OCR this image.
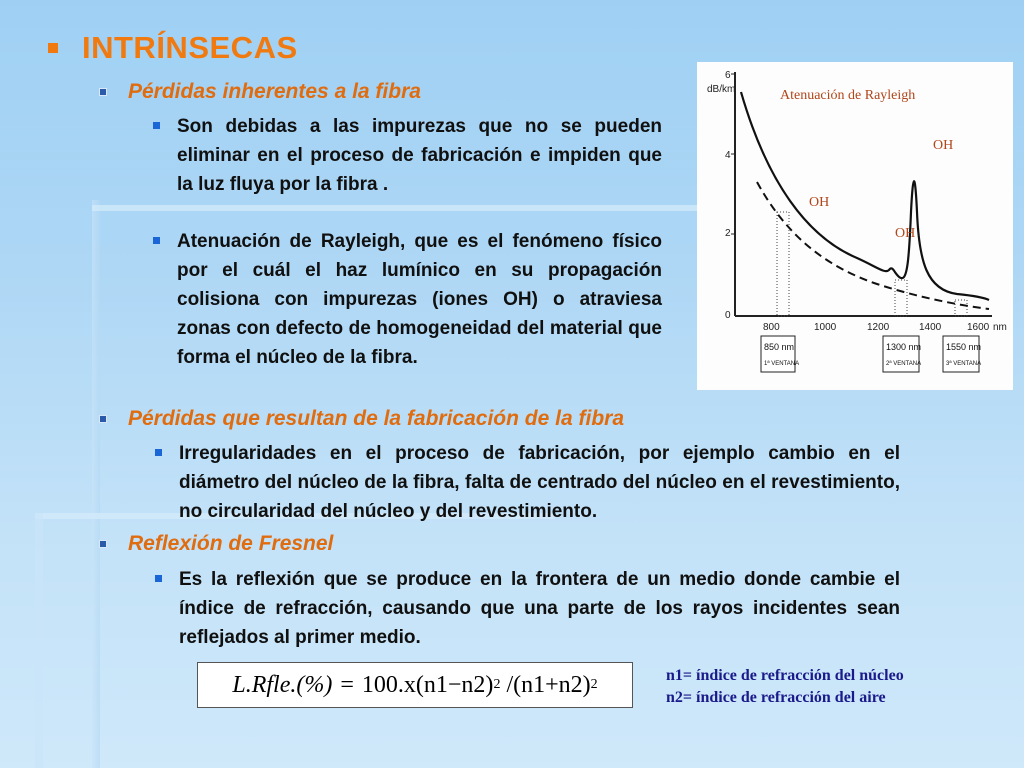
INTRÍNSECAS
Pérdidas inherentes a la fibra
Son debidas a las impurezas que no se pueden eliminar en el proceso de fabricación e impiden que la luz fluya por la fibra .
Atenuación de Rayleigh, que es el fenómeno físico por el cuál el haz lumínico en su propagación colisiona con impurezas (iones OH) o atraviesa zonas con defecto de homogeneidad del material que forma el núcleo de la fibra.
Pérdidas que resultan de la fabricación de la fibra
Irregularidades en el proceso de fabricación, por ejemplo cambio en el diámetro del núcleo de la fibra, falta de centrado del núcleo en el revestimiento, no circularidad del núcleo y del revestimiento.
Reflexión de Fresnel
Es la reflexión que se produce en la frontera de un medio donde cambie el índice de refracción, causando que una parte de los rayos incidentes sean reflejados al primer medio.
6
4
2
0
dB/km
800	1000	1200	1400	1600 nm
850 nm
1ª VENTANA
1300 nm
2ª VENTANA
1550 nm
3ª VENTANA
Atenuación de Rayleigh
OH
OH
OH
L.Rfle.(%) = 100.x(n1−n2) 2 /(n1+n2) 2
n1= índice de refracción del núcleo
n2= índice de refracción del aire
